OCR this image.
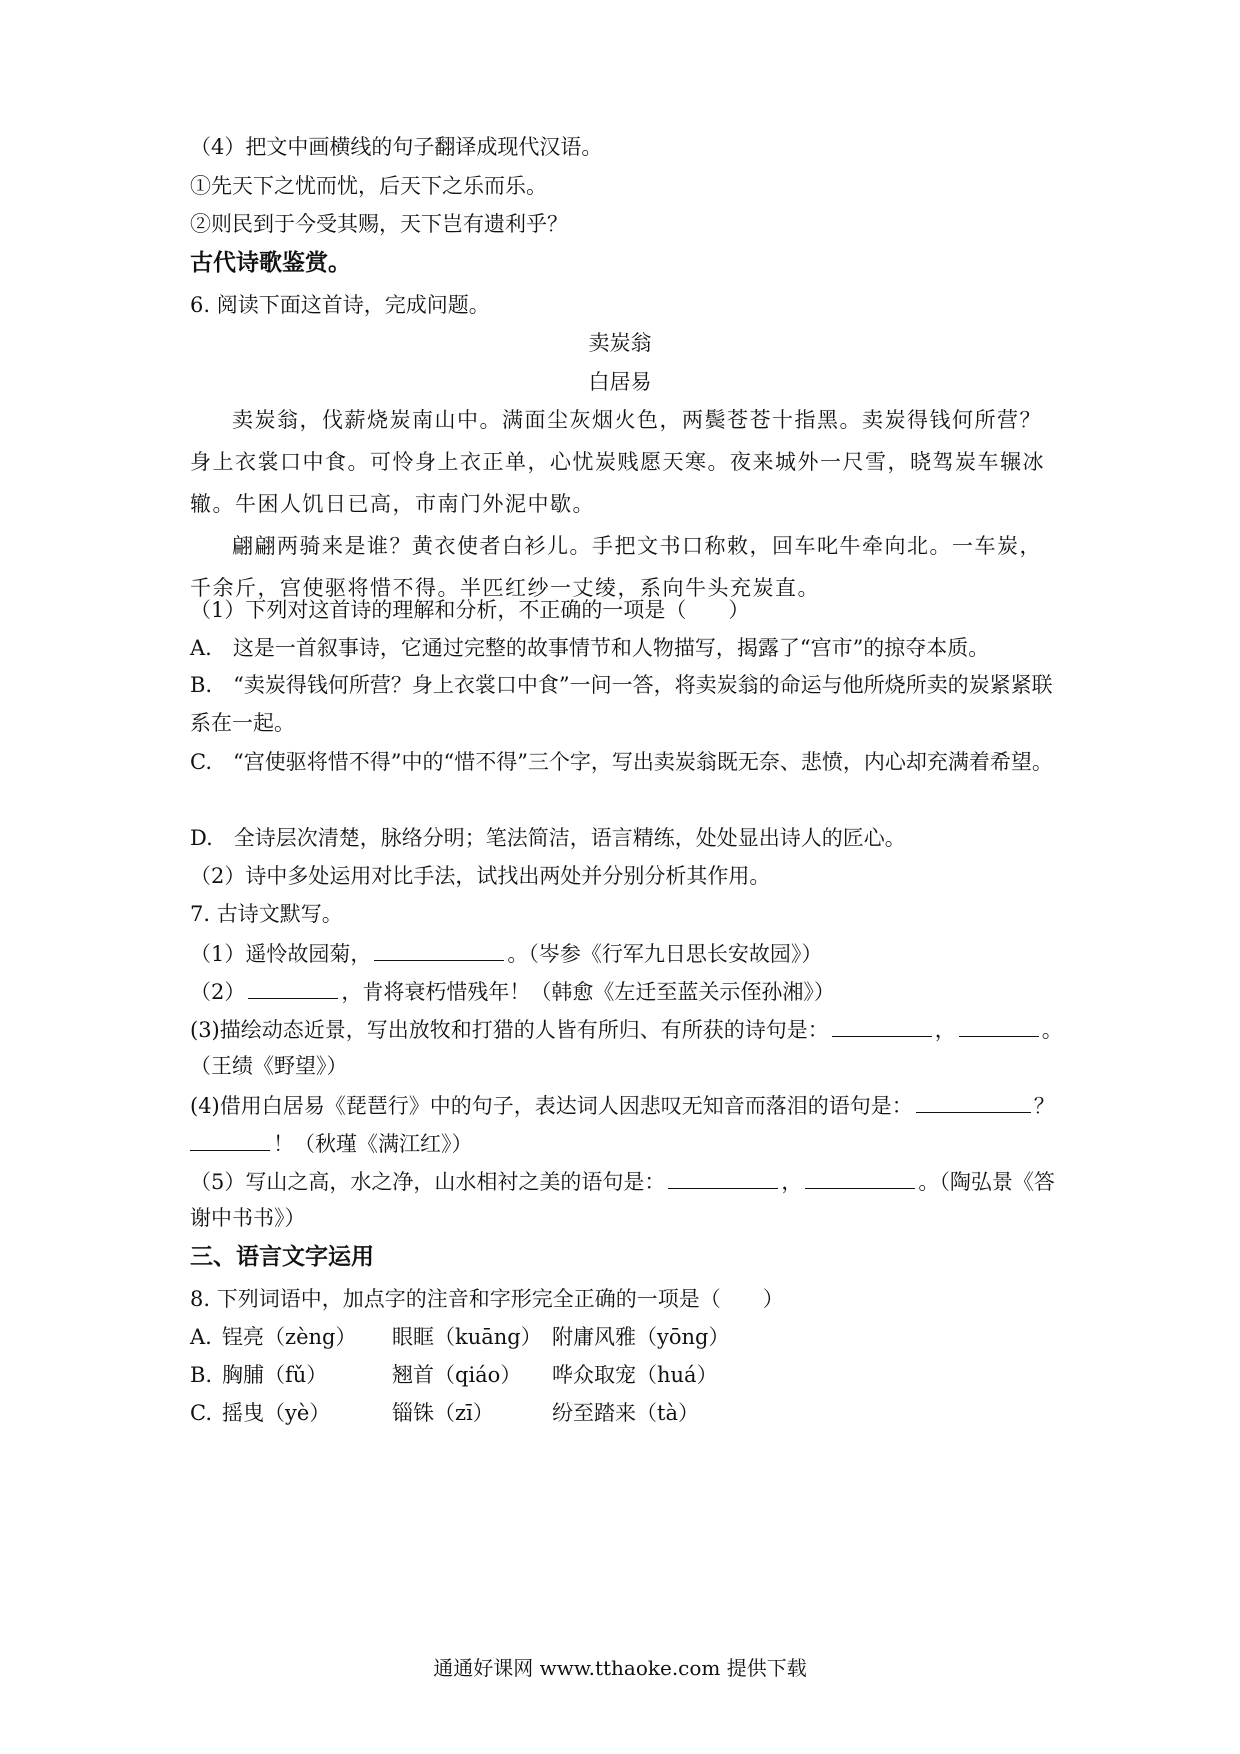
（4）把文中画横线的句子翻译成现代汉语。
①先天下之忧而忧，后天下之乐而乐。
②则民到于今受其赐，天下岂有遗利乎？
古代诗歌鉴赏。
6. 阅读下面这首诗，完成问题。
卖炭翁
白居易

卖炭翁，伐薪烧炭南山中。满面尘灰烟火色，两鬓苍苍十指黑。卖炭得钱何所营？身上衣裳口中食。可怜身上衣正单，心忧炭贱愿天寒。夜来城外一尺雪，晓驾炭车辗冰辙。牛困人饥日已高，市南门外泥中歇。

翩翩两骑来是谁？黄衣使者白衫儿。手把文书口称敕，回车叱牛牵向北。一车炭，千余斤，宫使驱将惜不得。半匹红纱一丈绫，系向牛头充炭直。

（1）下列对这首诗的理解和分析，不正确的一项是（　　）
A.　这是一首叙事诗，它通过完整的故事情节和人物描写，揭露了“宫市”的掠夺本质。
B.　“卖炭得钱何所营？身上衣裳口中食”一问一答，将卖炭翁的命运与他所烧所卖的炭紧紧联系在一起。
C.　“宫使驱将惜不得”中的“惜不得”三个字，写出卖炭翁既无奈、悲愤，内心却充满着希望。
D.　全诗层次清楚，脉络分明；笔法简洁，语言精练，处处显出诗人的匠心。
（2）诗中多处运用对比手法，试找出两处并分别分析其作用。
7. 古诗文默写。
（1）遥怜故园菊，	。（岑参《行军九日思长安故园》）
（2）	，肯将衰朽惜残年！（韩愈《左迁至蓝关示侄孙湘》）
(3)描绘动态近景，写出放牧和打猎的人皆有所归、有所获的诗句是：	，	。
（王绩《野望》）
(4)借用白居易《琵琶行》中的句子，表达词人因悲叹无知音而落泪的语句是：	？
！（秋瑾《满江红》）
（5）写山之高，水之净，山水相衬之美的语句是：	，	。（陶弘景《答
谢中书书》）
三、语言文字运用
8. 下列词语中，加点字的注音和字形完全正确的一项是（　　）
A. 锃亮（zèng） 眼眶（kuāng） 附庸风雅（yōng）
B. 胸脯（fǔ）	翘首（qiáo） 哗众取宠（huá）
C. 摇曳（yè）	锱铢（zī）	纷至踏来（tà）
通通好课网 www.tthaoke.com 提供下载
